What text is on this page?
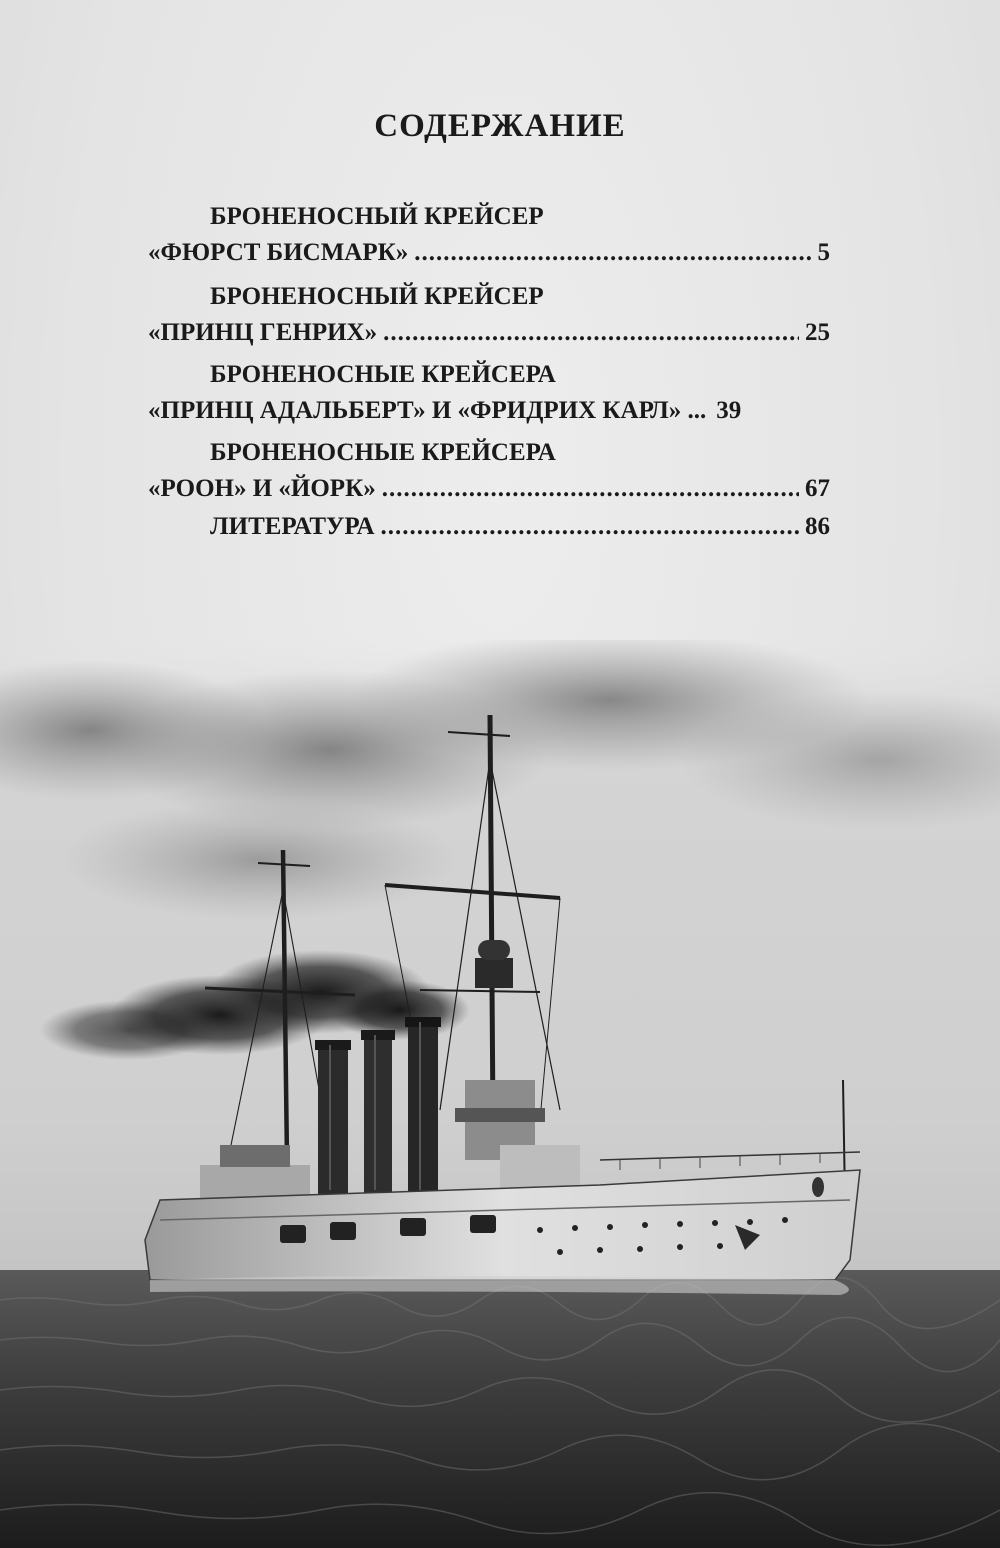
СОДЕРЖАНИЕ
БРОНЕНОСНЫЙ КРЕЙСЕР
«ФЮРСТ БИСМАРК» .....	5
БРОНЕНОСНЫЙ КРЕЙСЕР
«ПРИНЦ ГЕНРИХ» .....	25
БРОНЕНОСНЫЕ КРЕЙСЕРА
«ПРИНЦ АДАЛЬБЕРТ» И «ФРИДРИХ КАРЛ» ... 39
БРОНЕНОСНЫЕ КРЕЙСЕРА
«РООН» И «ЙОРК» .....	67
ЛИТЕРАТУРА .....	86
